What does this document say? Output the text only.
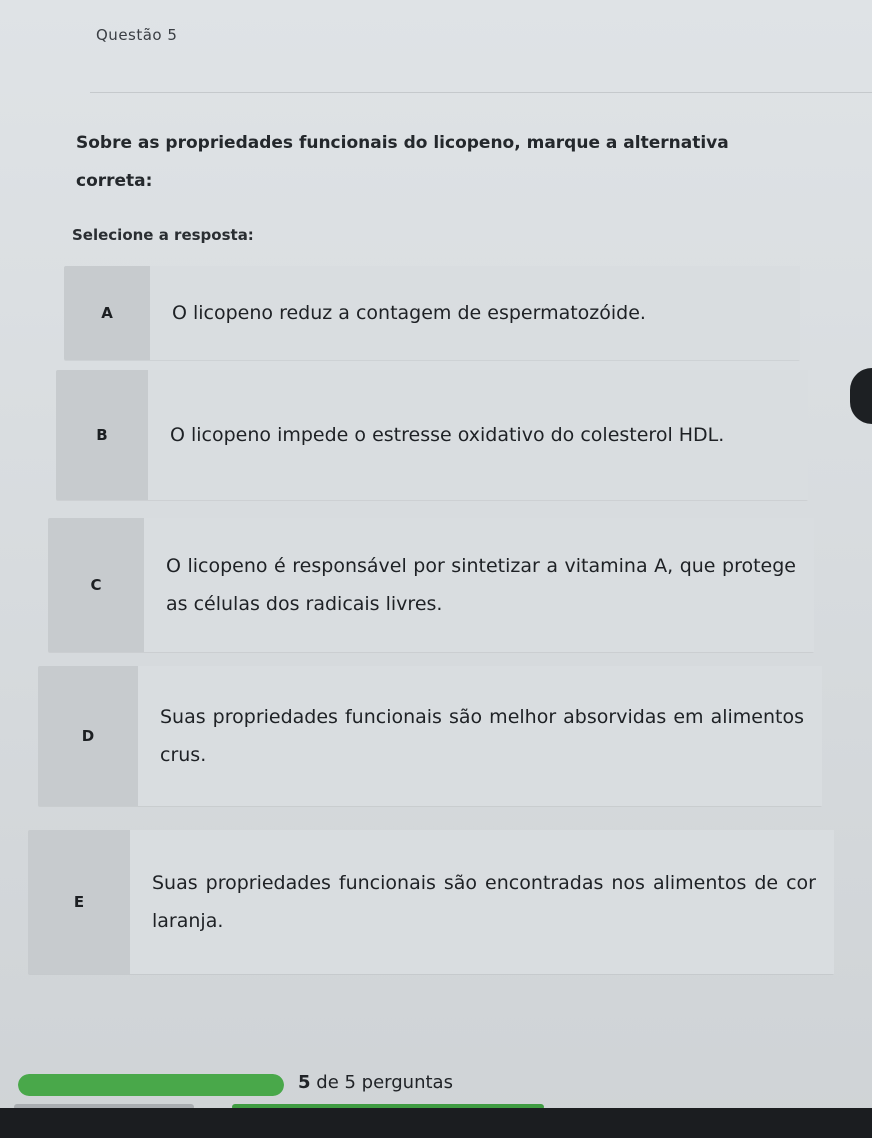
Questão 5
Sobre as propriedades funcionais do licopeno, marque a alternativa correta:
Selecione a resposta:
A	O licopeno reduz a contagem de espermatozóide.
B	O licopeno impede o estresse oxidativo do colesterol HDL.
C
O licopeno é responsável por sintetizar a vitamina A, que protege as células dos radicais livres.
D
Suas propriedades funcionais são melhor absorvidas em alimentos crus.
E
Suas propriedades funcionais são encontradas nos alimentos de cor laranja.
5 de 5 perguntas
